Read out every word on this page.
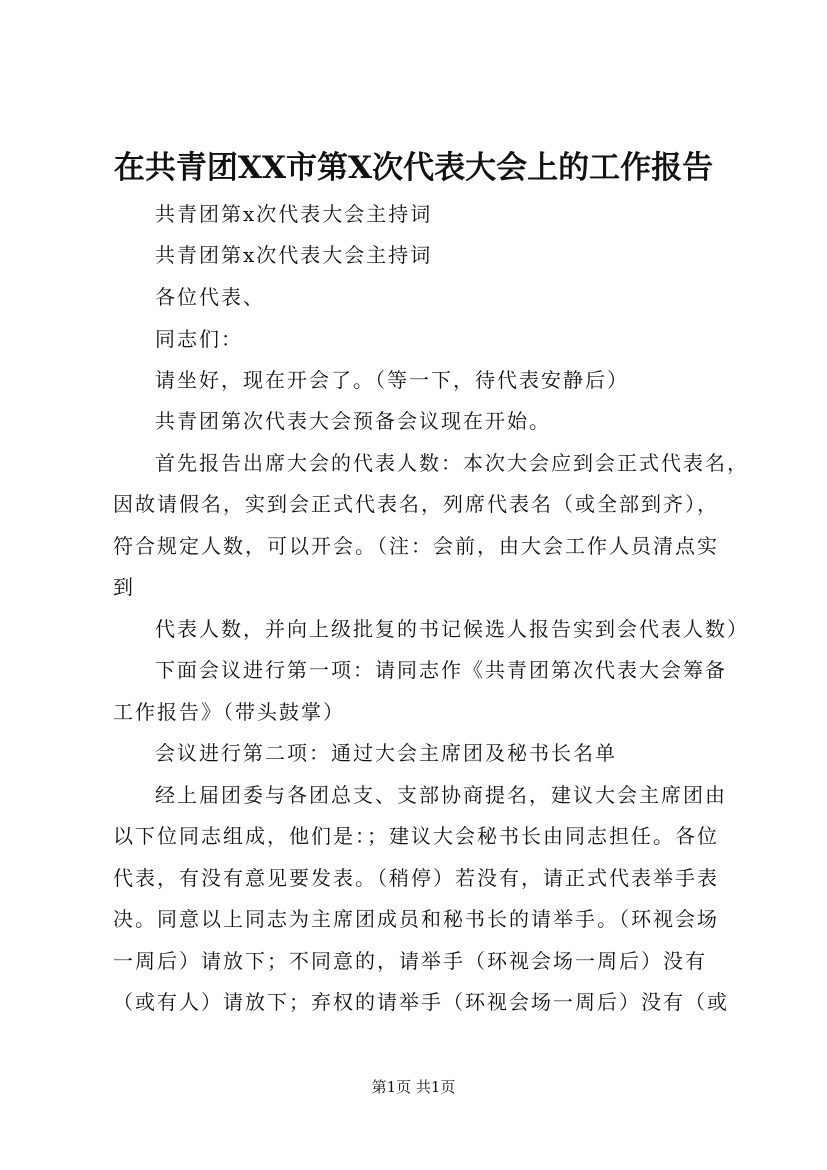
在共青团XX市第X次代表大会上的工作报告
共青团第x次代表大会主持词
共青团第x次代表大会主持词
各位代表、
同志们：
请坐好，现在开会了。（等一下，待代表安静后）
共青团第次代表大会预备会议现在开始。
首先报告出席大会的代表人数：本次大会应到会正式代表名，
因故请假名，实到会正式代表名，列席代表名（或全部到齐），
符合规定人数，可以开会。（注：会前，由大会工作人员清点实
到
代表人数，并向上级批复的书记候选人报告实到会代表人数）
下面会议进行第一项：请同志作《共青团第次代表大会筹备
工作报告》（带头鼓掌）
会议进行第二项：通过大会主席团及秘书长名单
经上届团委与各团总支、支部协商提名，建议大会主席团由
以下位同志组成，他们是：；建议大会秘书长由同志担任。各位
代表，有没有意见要发表。（稍停）若没有，请正式代表举手表
决。同意以上同志为主席团成员和秘书长的请举手。（环视会场
一周后）请放下；不同意的，请举手（环视会场一周后）没有
（或有人）请放下；弃权的请举手（环视会场一周后）没有（或
第1页 共1页
